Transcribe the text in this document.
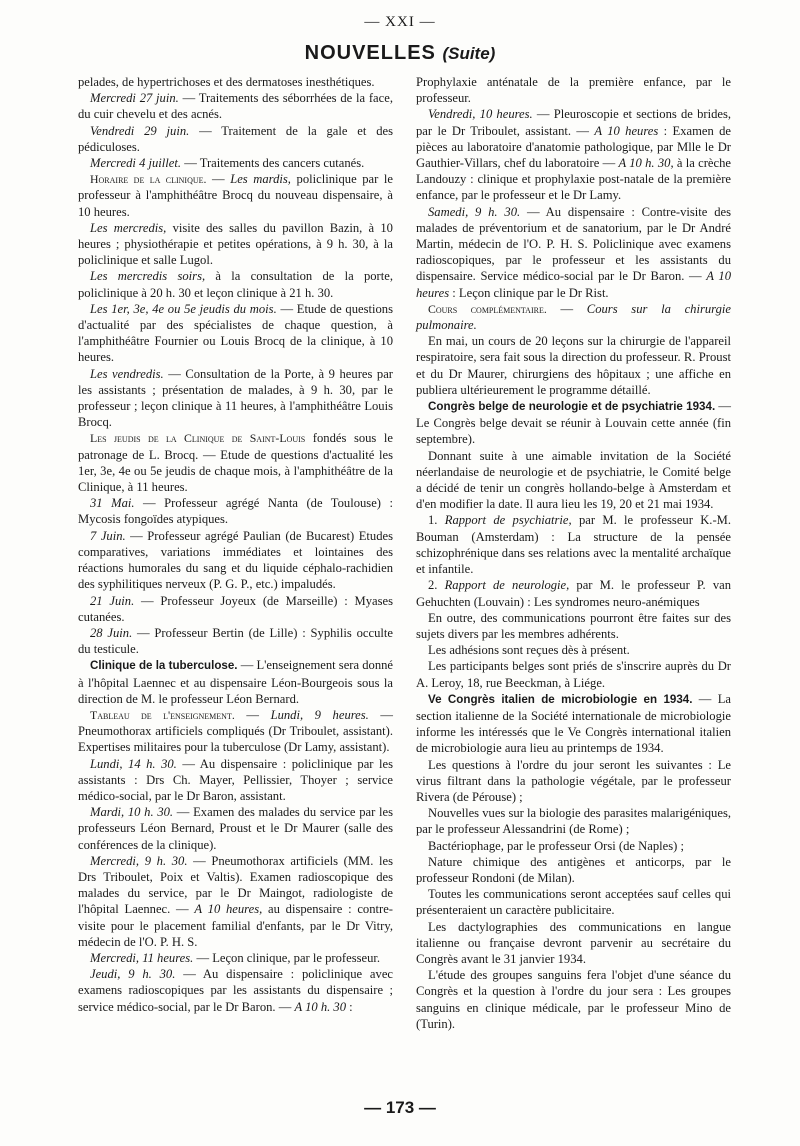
— XXI —
NOUVELLES (Suite)

pelades, de hypertrichoses et des dermatoses inesthétiques.

Mercredi 27 juin. — Traitements des séborrhées de la face, du cuir chevelu et des acnés.

Vendredi 29 juin. — Traitement de la gale et des pédiculoses.

Mercredi 4 juillet. — Traitements des cancers cutanés.

Horaire de la clinique. — Les mardis, policlinique par le professeur à l'amphithéâtre Brocq du nouveau dispensaire, à 10 heures.

Les mercredis, visite des salles du pavillon Bazin, à 10 heures ; physiothérapie et petites opérations, à 9 h. 30, à la policlinique et salle Lugol.

Les mercredis soirs, à la consultation de la porte, policlinique à 20 h. 30 et leçon clinique à 21 h. 30.

Les 1er, 3e, 4e ou 5e jeudis du mois. — Etude de questions d'actualité par des spécialistes de chaque question, à l'amphithéâtre Fournier ou Louis Brocq de la clinique, à 10 heures.

Les vendredis. — Consultation de la Porte, à 9 heures par les assistants ; présentation de malades, à 9 h. 30, par le professeur ; leçon clinique à 11 heures, à l'amphithéâtre Louis Brocq.

Les jeudis de la Clinique de Saint-Louis fondés sous le patronage de L. Brocq. — Etude de questions d'actualité les 1er, 3e, 4e ou 5e jeudis de chaque mois, à l'amphithéâtre de la Clinique, à 11 heures.

31 Mai. — Professeur agrégé Nanta (de Toulouse) : Mycosis fongoïdes atypiques.

7 Juin. — Professeur agrégé Paulian (de Bucarest) Etudes comparatives, variations immédiates et lointaines des réactions humorales du sang et du liquide céphalo-rachidien des syphilitiques nerveux (P. G. P., etc.) impaludés.

21 Juin. — Professeur Joyeux (de Marseille) : Myases cutanées.

28 Juin. — Professeur Bertin (de Lille) : Syphilis occulte du testicule.

Clinique de la tuberculose. — L'enseignement sera donné à l'hôpital Laennec et au dispensaire Léon-Bourgeois sous la direction de M. le professeur Léon Bernard.

Tableau de l'enseignement. — Lundi, 9 heures. — Pneumothorax artificiels compliqués (Dr Triboulet, assistant). Expertises militaires pour la tuberculose (Dr Lamy, assistant).

Lundi, 14 h. 30. — Au dispensaire : policlinique par les assistants : Drs Ch. Mayer, Pellissier, Thoyer ; service médico-social, par le Dr Baron, assistant.

Mardi, 10 h. 30. — Examen des malades du service par les professeurs Léon Bernard, Proust et le Dr Maurer (salle des conférences de la clinique).

Mercredi, 9 h. 30. — Pneumothorax artificiels (MM. les Drs Triboulet, Poix et Valtis). Examen radioscopique des malades du service, par le Dr Maingot, radiologiste de l'hôpital Laennec. — A 10 heures, au dispensaire : contre-visite pour le placement familial d'enfants, par le Dr Vitry, médecin de l'O. P. H. S.

Mercredi, 11 heures. — Leçon clinique, par le professeur.

Jeudi, 9 h. 30. — Au dispensaire : policlinique avec examens radioscopiques par les assistants du dispensaire ; service médico-social, par le Dr Baron. — A 10 h. 30 :

Prophylaxie anténatale de la première enfance, par le professeur.

Vendredi, 10 heures. — Pleuroscopie et sections de brides, par le Dr Triboulet, assistant. — A 10 heures : Examen de pièces au laboratoire d'anatomie pathologique, par Mlle le Dr Gauthier-Villars, chef du laboratoire — A 10 h. 30, à la crèche Landouzy : clinique et prophylaxie post-natale de la première enfance, par le professeur et le Dr Lamy.

Samedi, 9 h. 30. — Au dispensaire : Contre-visite des malades de préventorium et de sanatorium, par le Dr André Martin, médecin de l'O. P. H. S. Policlinique avec examens radioscopiques, par le professeur et les assistants du dispensaire. Service médico-social par le Dr Baron. — A 10 heures : Leçon clinique par le Dr Rist.

Cours complémentaire. — Cours sur la chirurgie pulmonaire.

En mai, un cours de 20 leçons sur la chirurgie de l'appareil respiratoire, sera fait sous la direction du professeur. R. Proust et du Dr Maurer, chirurgiens des hôpitaux ; une affiche en publiera ultérieurement le programme détaillé.

Congrès belge de neurologie et de psychiatrie 1934. — Le Congrès belge devait se réunir à Louvain cette année (fin septembre).

Donnant suite à une aimable invitation de la Société néerlandaise de neurologie et de psychiatrie, le Comité belge a décidé de tenir un congrès hollando-belge à Amsterdam et d'en modifier la date. Il aura lieu les 19, 20 et 21 mai 1934.

1. Rapport de psychiatrie, par M. le professeur K.-M. Bouman (Amsterdam) : La structure de la pensée schizophrénique dans ses relations avec la mentalité archaïque et infantile.

2. Rapport de neurologie, par M. le professeur P. van Gehuchten (Louvain) : Les syndromes neuro-anémiques

En outre, des communications pourront être faites sur des sujets divers par les membres adhérents.

Les adhésions sont reçues dès à présent.

Les participants belges sont priés de s'inscrire auprès du Dr A. Leroy, 18, rue Beeckman, à Liége.

Ve Congrès italien de microbiologie en 1934. — La section italienne de la Société internationale de microbiologie informe les intéressés que le Ve Congrès international italien de microbiologie aura lieu au printemps de 1934.

Les questions à l'ordre du jour seront les suivantes : Le virus filtrant dans la pathologie végétale, par le professeur Rivera (de Pérouse) ;

Nouvelles vues sur la biologie des parasites malarigéniques, par le professeur Alessandrini (de Rome) ;

Bactériophage, par le professeur Orsi (de Naples) ;

Nature chimique des antigènes et anticorps, par le professeur Rondoni (de Milan).

Toutes les communications seront acceptées sauf celles qui présenteraient un caractère publicitaire.

Les dactylographies des communications en langue italienne ou française devront parvenir au secrétaire du Congrès avant le 31 janvier 1934.

L'étude des groupes sanguins fera l'objet d'une séance du Congrès et la question à l'ordre du jour sera : Les groupes sanguins en clinique médicale, par le professeur Mino de (Turin).

— 173 —
